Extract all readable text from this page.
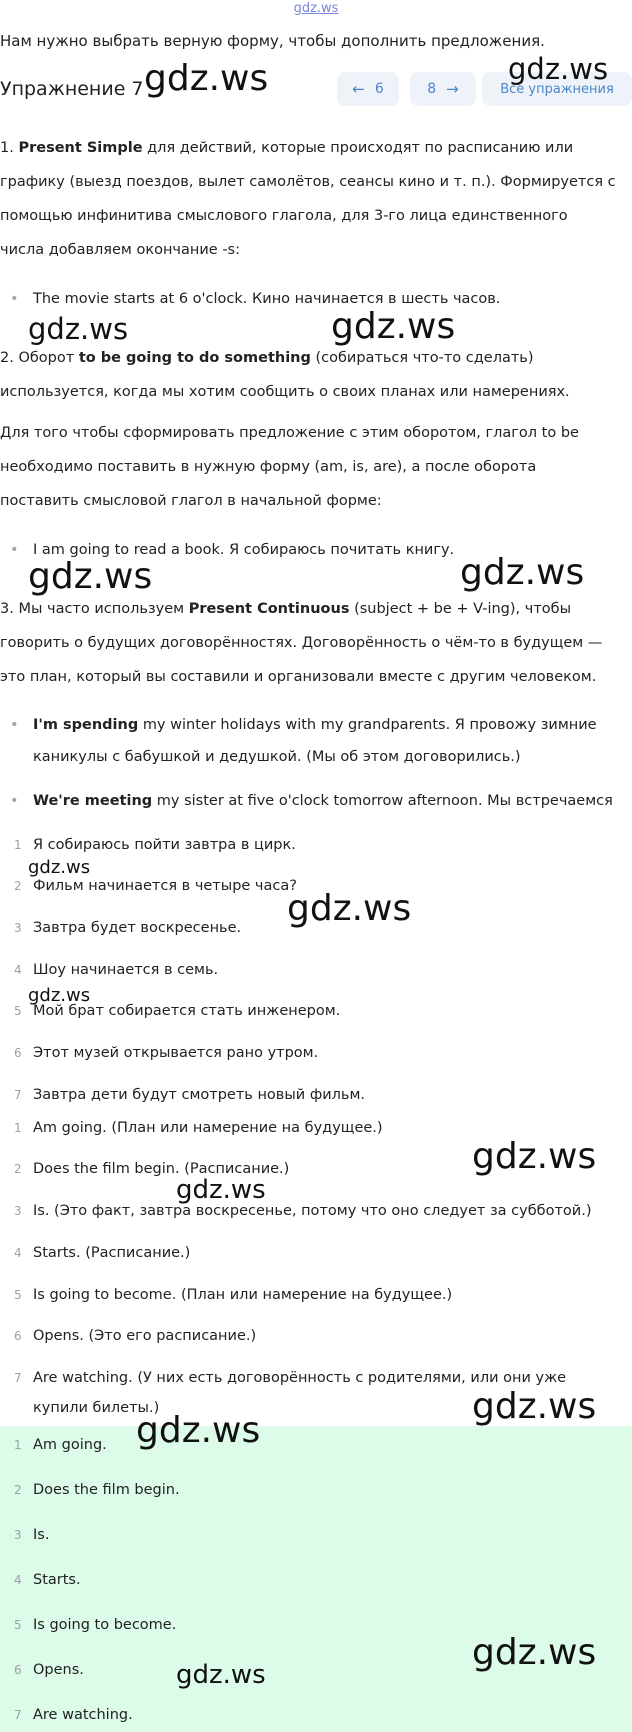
gdz.ws
Нам нужно выбрать верную форму, чтобы дополнить предложения.
Упражнение 7	← 6	8 →	Все упражнения
1. Present Simple для действий, которые происходят по расписанию или
графику (выезд поездов, вылет самолётов, сеансы кино и т. п.). Формируется с
помощью инфинитива смыслового глагола, для 3-го лица единственного
числа добавляем окончание -s:
• The movie starts at 6 o'clock. Кино начинается в шесть часов.
2. Оборот to be going to do something (собираться что-то сделать)
используется, когда мы хотим сообщить о своих планах или намерениях.
Для того чтобы сформировать предложение с этим оборотом, глагол to be
необходимо поставить в нужную форму (am, is, are), а после оборота
поставить смысловой глагол в начальной форме:
• I am going to read a book. Я собираюсь почитать книгу.
3. Мы часто используем Present Continuous (subject + be + V-ing), чтобы
говорить о будущих договорённостях. Договорённость о чём-то в будущем —
это план, который вы составили и организовали вместе с другим человеком.
• I'm spending my winter holidays with my grandparents. Я провожу зимние
каникулы с бабушкой и дедушкой. (Мы об этом договорились.)
• We're meeting my sister at five o'clock tomorrow afternoon. Мы встречаемся
1 Я собираюсь пойти завтра в цирк.
2 Фильм начинается в четыре часа?
3 Завтра будет воскресенье.
4 Шоу начинается в семь.
5 Мой брат собирается стать инженером.
6 Этот музей открывается рано утром.
7 Завтра дети будут смотреть новый фильм.
1 Am going. (План или намерение на будущее.)
2 Does the film begin. (Расписание.)
3 Is. (Это факт, завтра воскресенье, потому что оно следует за субботой.)
4 Starts. (Расписание.)
5 Is going to become. (План или намерение на будущее.)
6 Opens. (Это его расписание.)
7 Are watching. (У них есть договорённость с родителями, или они уже
купили билеты.)
1 Am going.
2 Does the film begin.
3 Is.
4 Starts.
5 Is going to become.
6 Opens.
7 Are watching.
gdz.ws	gdz.ws
gdz.ws	gdz.ws
gdz.ws	gdz.ws
gdz.ws
gdz.ws
gdz.ws
gdz.ws
gdz.ws
gdz.ws
gdz.ws
gdz.ws
gdz.ws
